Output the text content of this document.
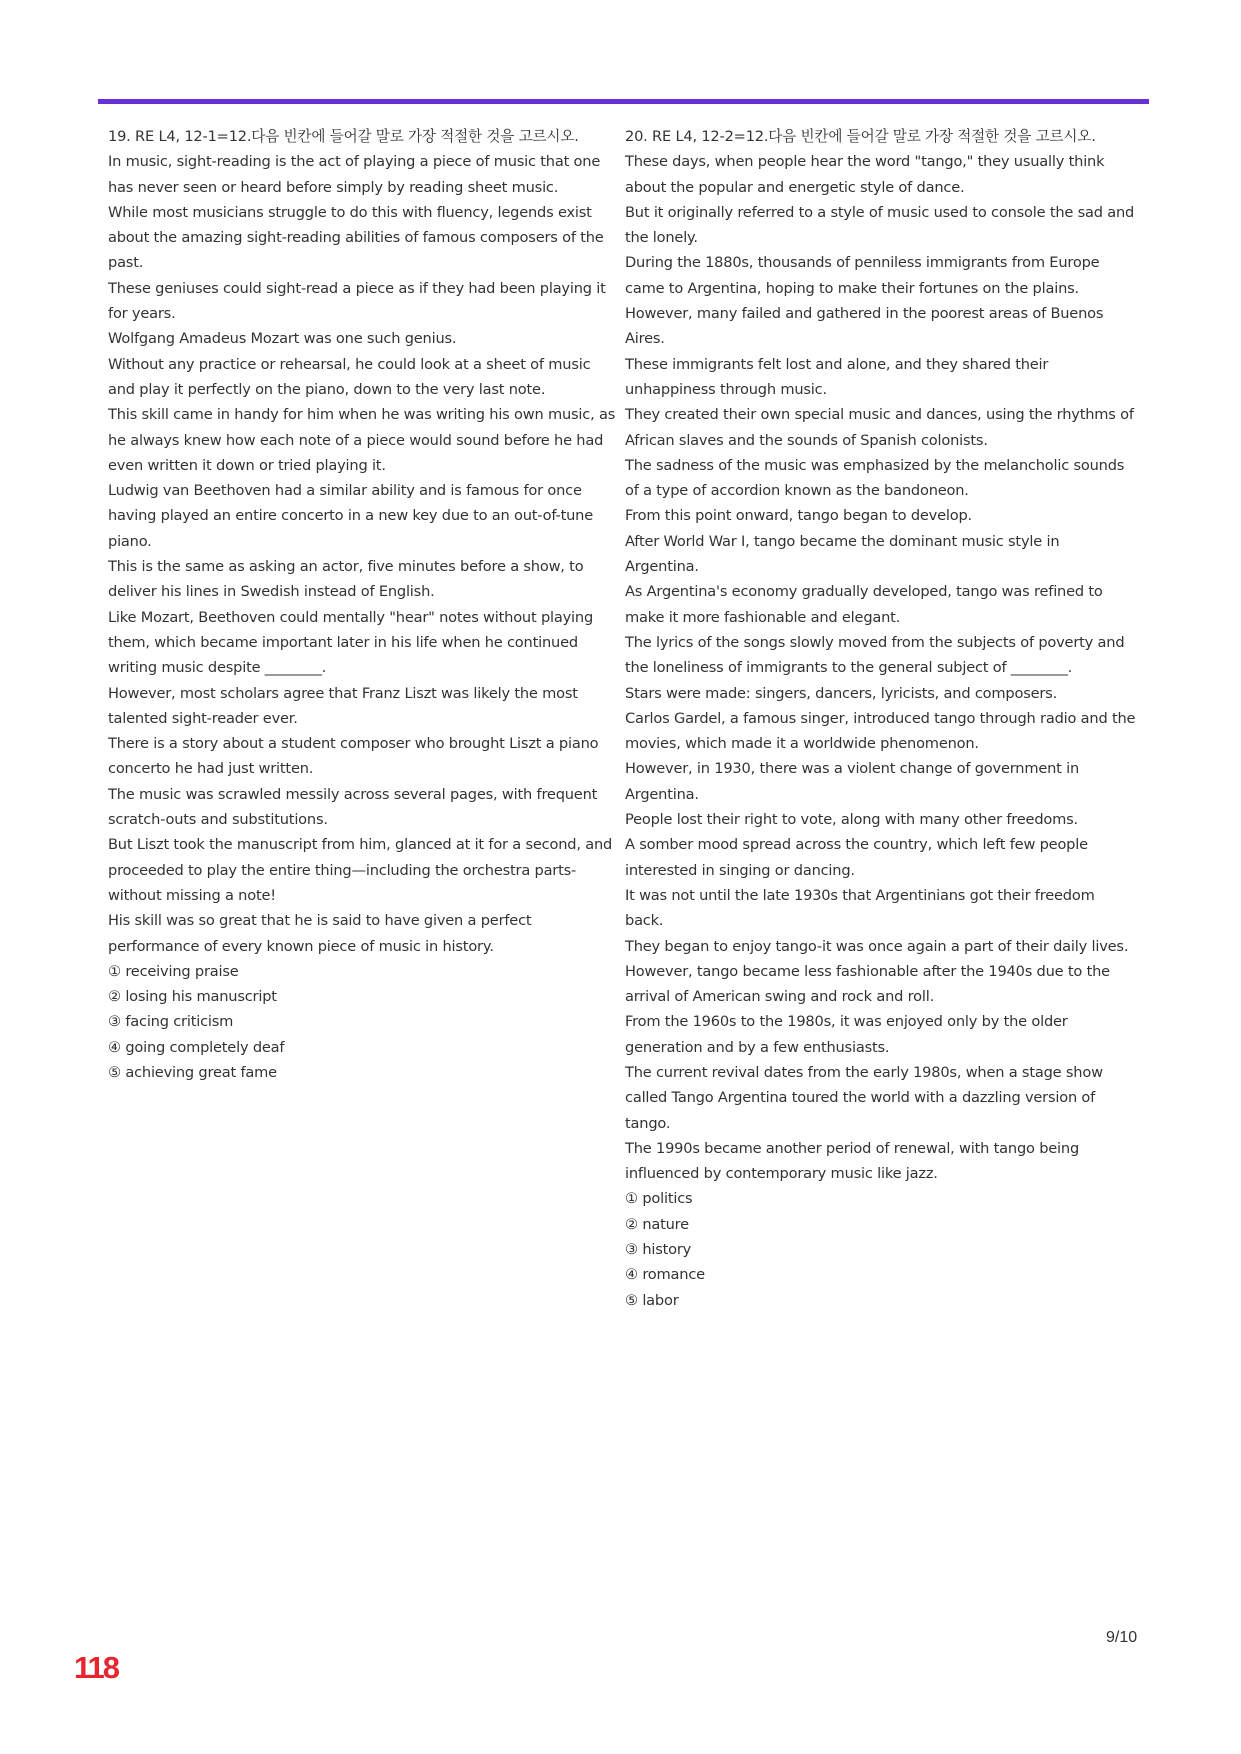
19. RE L4, 12-1=12.다음 빈칸에 들어갈 말로 가장 적절한 것을 고르시오.

In music, sight-reading is the act of playing a piece of music that one has never seen or heard before simply by reading sheet music.

While most musicians struggle to do this with fluency, legends exist about the amazing sight-reading abilities of famous composers of the past.

These geniuses could sight-read a piece as if they had been playing it for years.

Wolfgang Amadeus Mozart was one such genius.

Without any practice or rehearsal, he could look at a sheet of music and play it perfectly on the piano, down to the very last note.

This skill came in handy for him when he was writing his own music, as he always knew how each note of a piece would sound before he had even written it down or tried playing it.

Ludwig van Beethoven had a similar ability and is famous for once having played an entire concerto in a new key due to an out-of-tune piano.

This is the same as asking an actor, five minutes before a show, to deliver his lines in Swedish instead of English.

Like Mozart, Beethoven could mentally "hear" notes without playing them, which became important later in his life when he continued writing music despite ________.

However, most scholars agree that Franz Liszt was likely the most talented sight-reader ever.

There is a story about a student composer who brought Liszt a piano concerto he had just written.

The music was scrawled messily across several pages, with frequent scratch-outs and substitutions.

But Liszt took the manuscript from him, glanced at it for a second, and proceeded to play the entire thing—including the orchestra parts-without missing a note!

His skill was so great that he is said to have given a perfect performance of every known piece of music in history.

① receiving praise

② losing his manuscript

③ facing criticism

④ going completely deaf

⑤ achieving great fame

20. RE L4, 12-2=12.다음 빈칸에 들어갈 말로 가장 적절한 것을 고르시오.

These days, when people hear the word "tango," they usually think about the popular and energetic style of dance.

But it originally referred to a style of music used to console the sad and the lonely.

During the 1880s, thousands of penniless immigrants from Europe came to Argentina, hoping to make their fortunes on the plains.

However, many failed and gathered in the poorest areas of Buenos Aires.

These immigrants felt lost and alone, and they shared their unhappiness through music.

They created their own special music and dances, using the rhythms of African slaves and the sounds of Spanish colonists.

The sadness of the music was emphasized by the melancholic sounds of a type of accordion known as the bandoneon.

From this point onward, tango began to develop.

After World War I, tango became the dominant music style in Argentina.

As Argentina's economy gradually developed, tango was refined to make it more fashionable and elegant.

The lyrics of the songs slowly moved from the subjects of poverty and the loneliness of immigrants to the general subject of ________.

Stars were made: singers, dancers, lyricists, and composers.

Carlos Gardel, a famous singer, introduced tango through radio and the movies, which made it a worldwide phenomenon.

However, in 1930, there was a violent change of government in Argentina.

People lost their right to vote, along with many other freedoms.

A somber mood spread across the country, which left few people interested in singing or dancing.

It was not until the late 1930s that Argentinians got their freedom back.

They began to enjoy tango-it was once again a part of their daily lives.

However, tango became less fashionable after the 1940s due to the arrival of American swing and rock and roll.

From the 1960s to the 1980s, it was enjoyed only by the older generation and by a few enthusiasts.

The current revival dates from the early 1980s, when a stage show called Tango Argentina toured the world with a dazzling version of tango.

The 1990s became another period of renewal, with tango being influenced by contemporary music like jazz.

① politics

② nature

③ history

④ romance

⑤ labor

9/10
118
